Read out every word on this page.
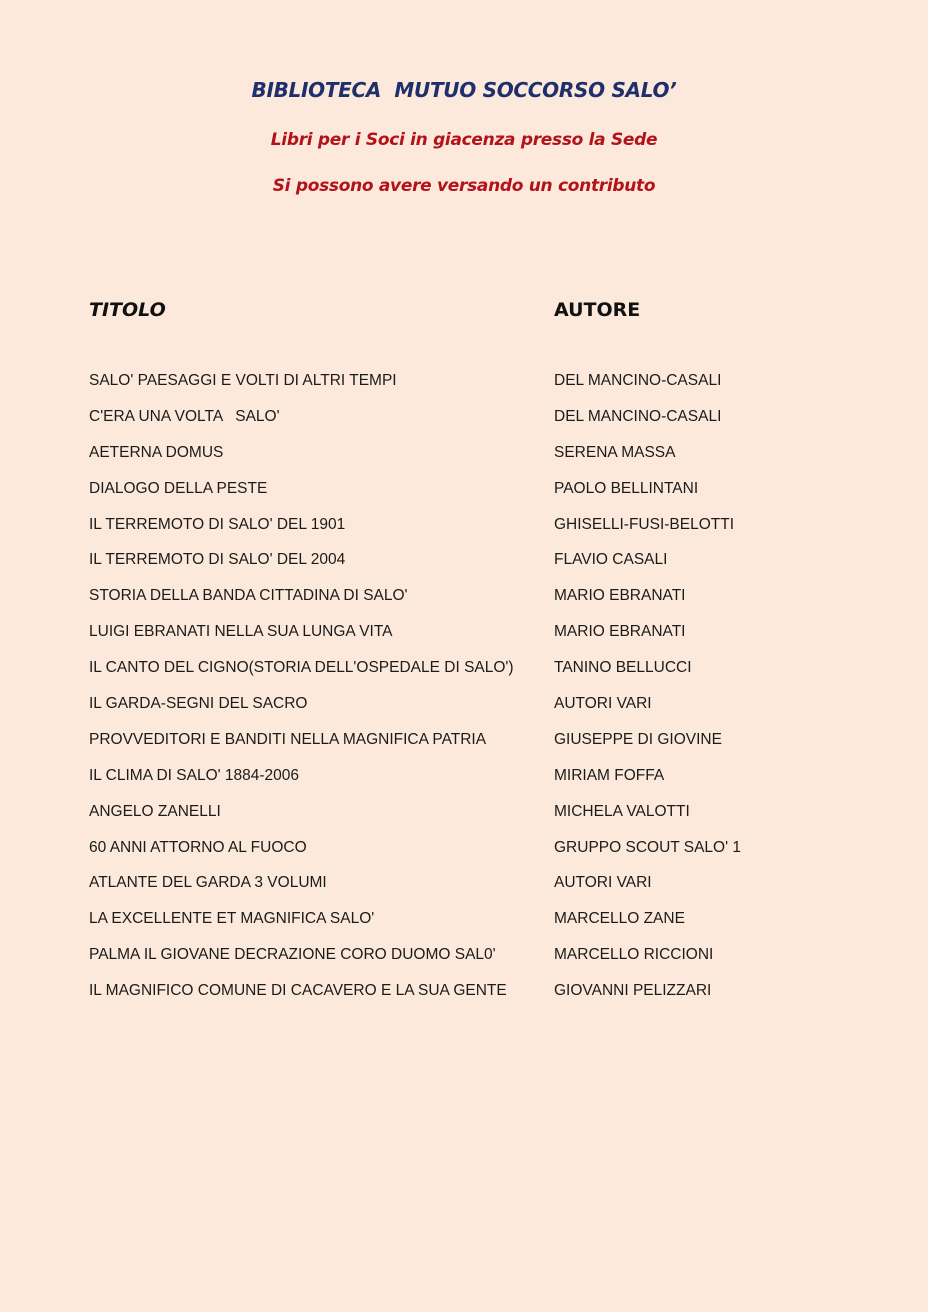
BIBLIOTECA  MUTUO SOCCORSO SALO’
Libri per i Soci in giacenza presso la Sede
Si possono avere versando un contributo
TITOLO	AUTORE
SALO' PAESAGGI E VOLTI DI ALTRI TEMPI	DEL MANCINO-CASALI
C'ERA UNA VOLTA   SALO'	DEL MANCINO-CASALI
AETERNA DOMUS	SERENA MASSA
DIALOGO DELLA PESTE	PAOLO BELLINTANI
IL TERREMOTO DI SALO' DEL 1901	GHISELLI-FUSI-BELOTTI
IL TERREMOTO DI SALO' DEL 2004	FLAVIO CASALI
STORIA DELLA BANDA CITTADINA DI SALO'	MARIO EBRANATI
LUIGI EBRANATI NELLA SUA LUNGA VITA	MARIO EBRANATI
IL CANTO DEL CIGNO(STORIA DELL'OSPEDALE DI SALO')	TANINO BELLUCCI
IL GARDA-SEGNI DEL SACRO	AUTORI VARI
PROVVEDITORI E BANDITI NELLA MAGNIFICA PATRIA	GIUSEPPE DI GIOVINE
IL CLIMA DI SALO' 1884-2006	MIRIAM FOFFA
ANGELO ZANELLI	MICHELA VALOTTI
60 ANNI ATTORNO AL FUOCO	GRUPPO SCOUT SALO' 1
ATLANTE DEL GARDA 3 VOLUMI	AUTORI VARI
LA EXCELLENTE ET MAGNIFICA SALO'	MARCELLO ZANE
PALMA IL GIOVANE DECRAZIONE CORO DUOMO SAL0'	MARCELLO RICCIONI
IL MAGNIFICO COMUNE DI CACAVERO E LA SUA GENTE	GIOVANNI PELIZZARI
